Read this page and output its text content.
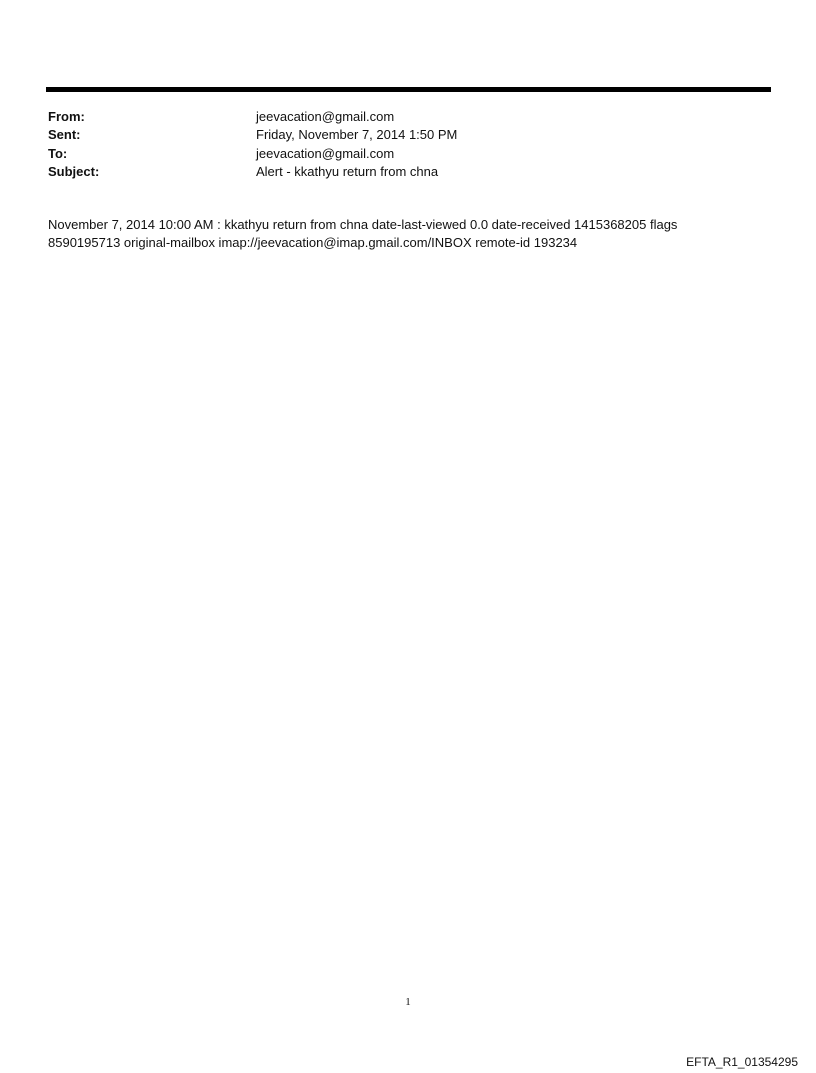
From:	jeevacation@gmail.com
Sent:	Friday, November 7, 2014 1:50 PM
To:	jeevacation@gmail.com
Subject:	Alert - kkathyu return from chna
November 7, 2014 10:00 AM : kkathyu return from chna date-last-viewed 0.0 date-received 1415368205 flags
8590195713 original-mailbox imap://jeevacation@imap.gmail.com/INBOX remote-id 193234
1
EFTA_R1_01354295
